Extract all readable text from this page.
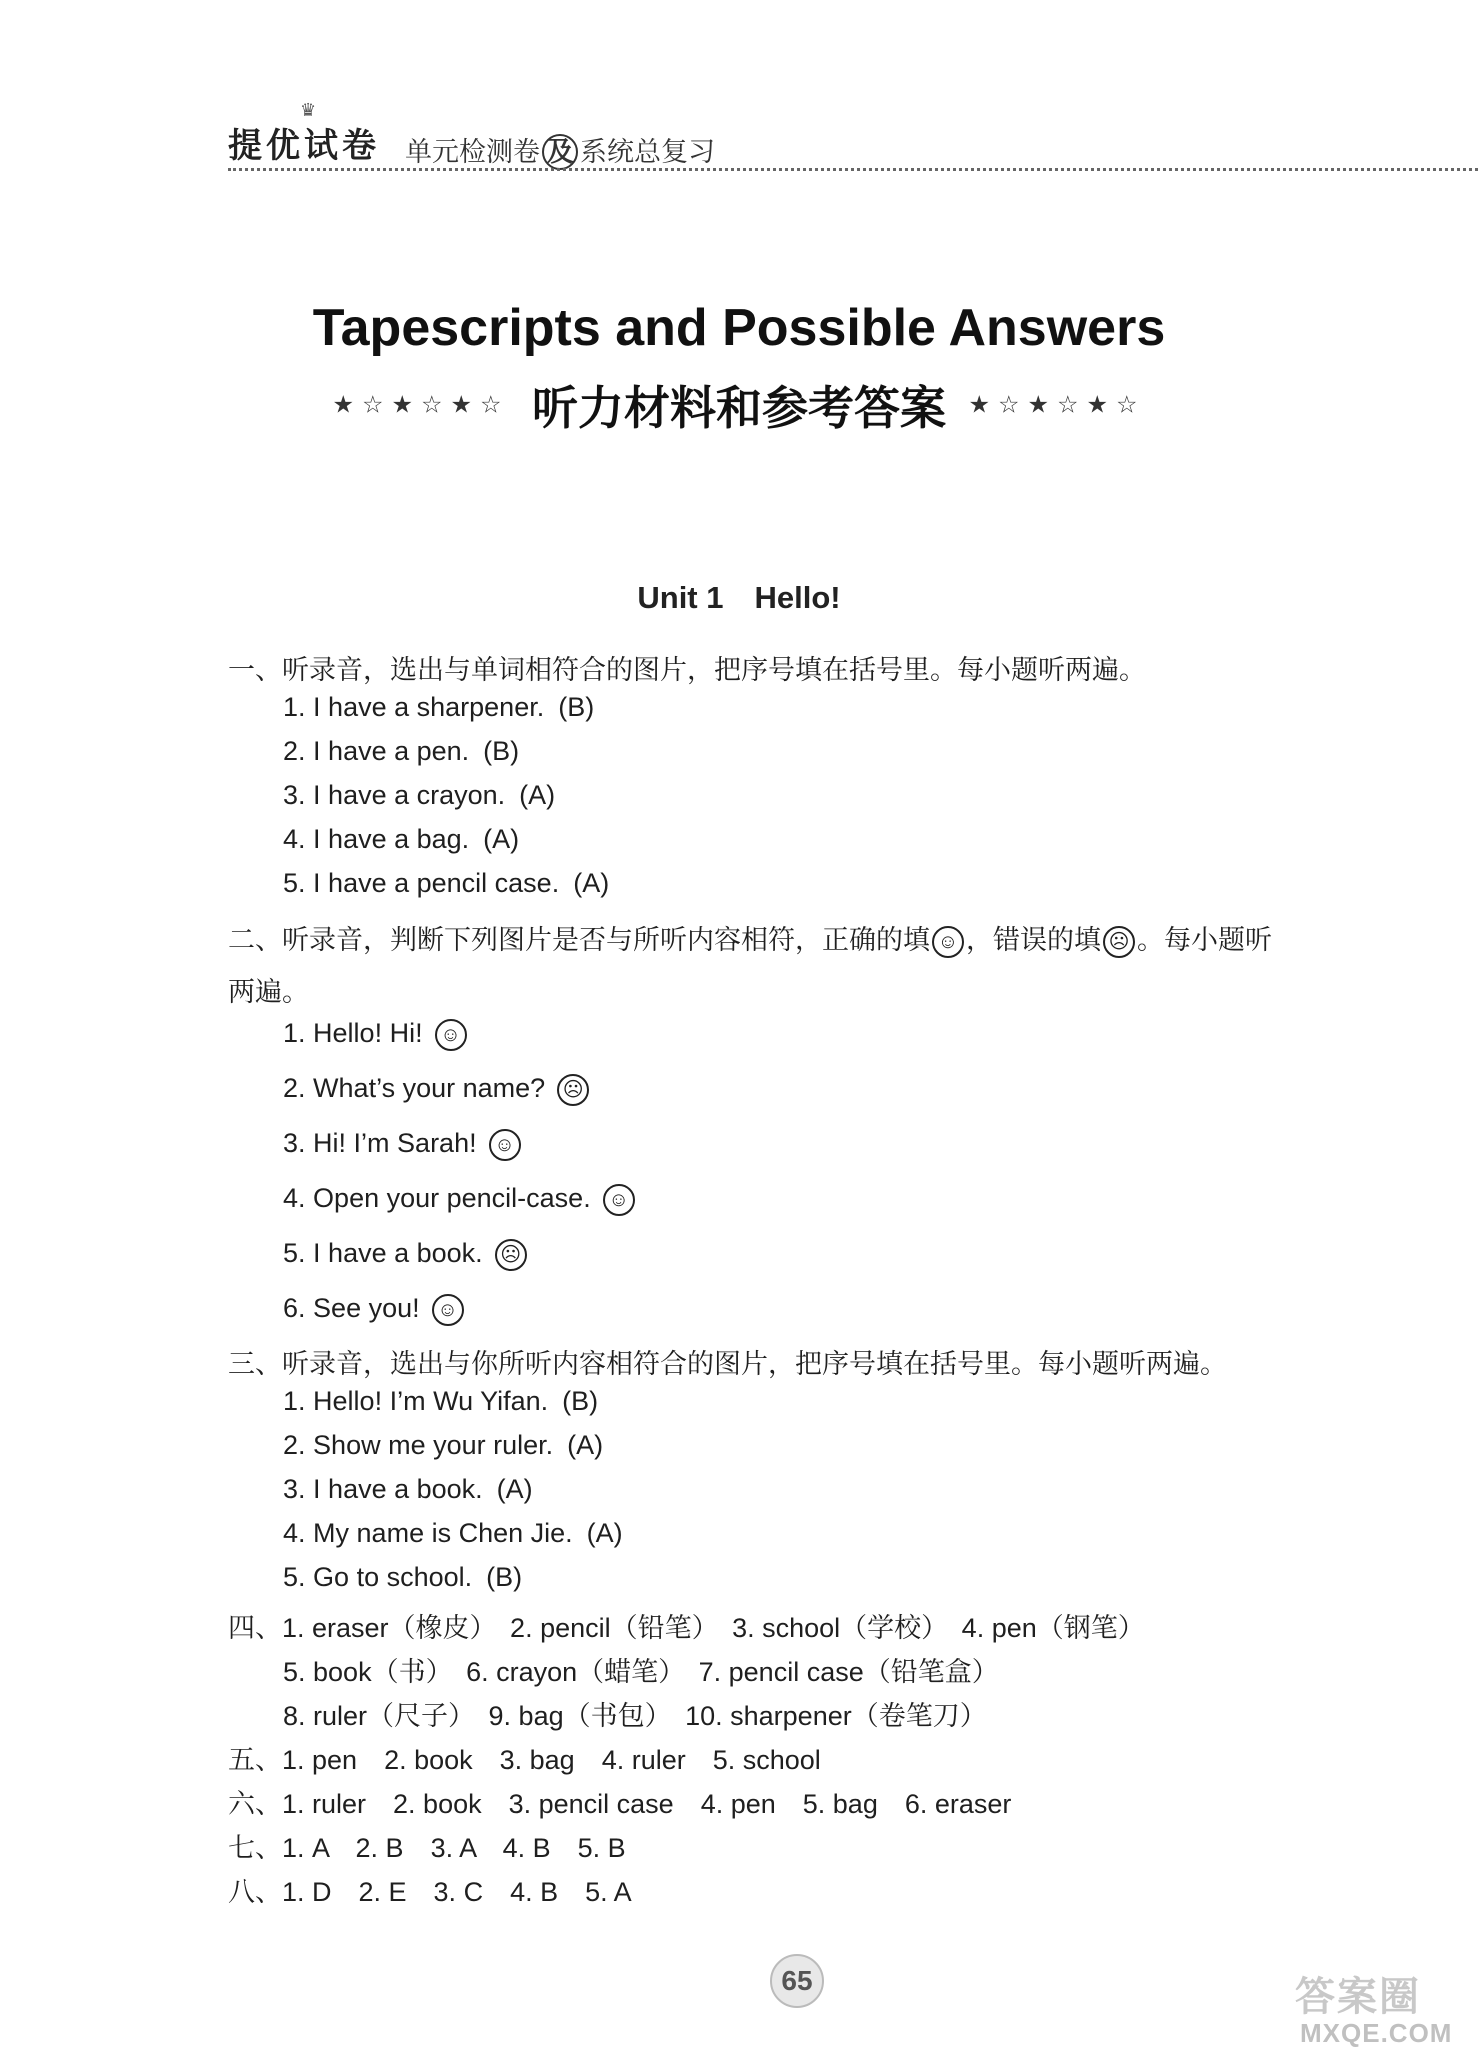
♛
提优试卷 单元检测卷 及 系统总复习
Tapescripts and Possible Answers
★☆★☆★☆ 听力材料和参考答案 ★☆★☆★☆
Unit 1　Hello!
一、听录音，选出与单词相符合的图片，把序号填在括号里。每小题听两遍。
1. I have a sharpener. (B)
2. I have a pen. (B)
3. I have a crayon. (A)
4. I have a bag. (A)
5. I have a pencil case. (A)
二、听录音，判断下列图片是否与所听内容相符，正确的填 ☺ ，错误的填 ☹ 。每小题听
两遍。
1. Hello! Hi! ☺
2. What’s your name? ☹
3. Hi! I’m Sarah! ☺
4. Open your pencil-case. ☺
5. I have a book. ☹
6. See you! ☺
三、听录音，选出与你所听内容相符合的图片，把序号填在括号里。每小题听两遍。
1. Hello! I’m Wu Yifan. (B)
2. Show me your ruler. (A)
3. I have a book. (A)
4. My name is Chen Jie. (A)
5. Go to school. (B)
四、1. eraser（橡皮）　2. pencil（铅笔）　3. school（学校）　4. pen（钢笔）
5. book（书）　6. crayon（蜡笔）　7. pencil case（铅笔盒）
8. ruler（尺子）　9. bag（书包）　10. sharpener（卷笔刀）
五、1. pen　2. book　3. bag　4. ruler　5. school
六、1. ruler　2. book　3. pencil case　4. pen　5. bag　6. eraser
七、1. A　2. B　3. A　4. B　5. B
八、1. D　2. E　3. C　4. B　5. A
65	答案圈
MXQE.COM
